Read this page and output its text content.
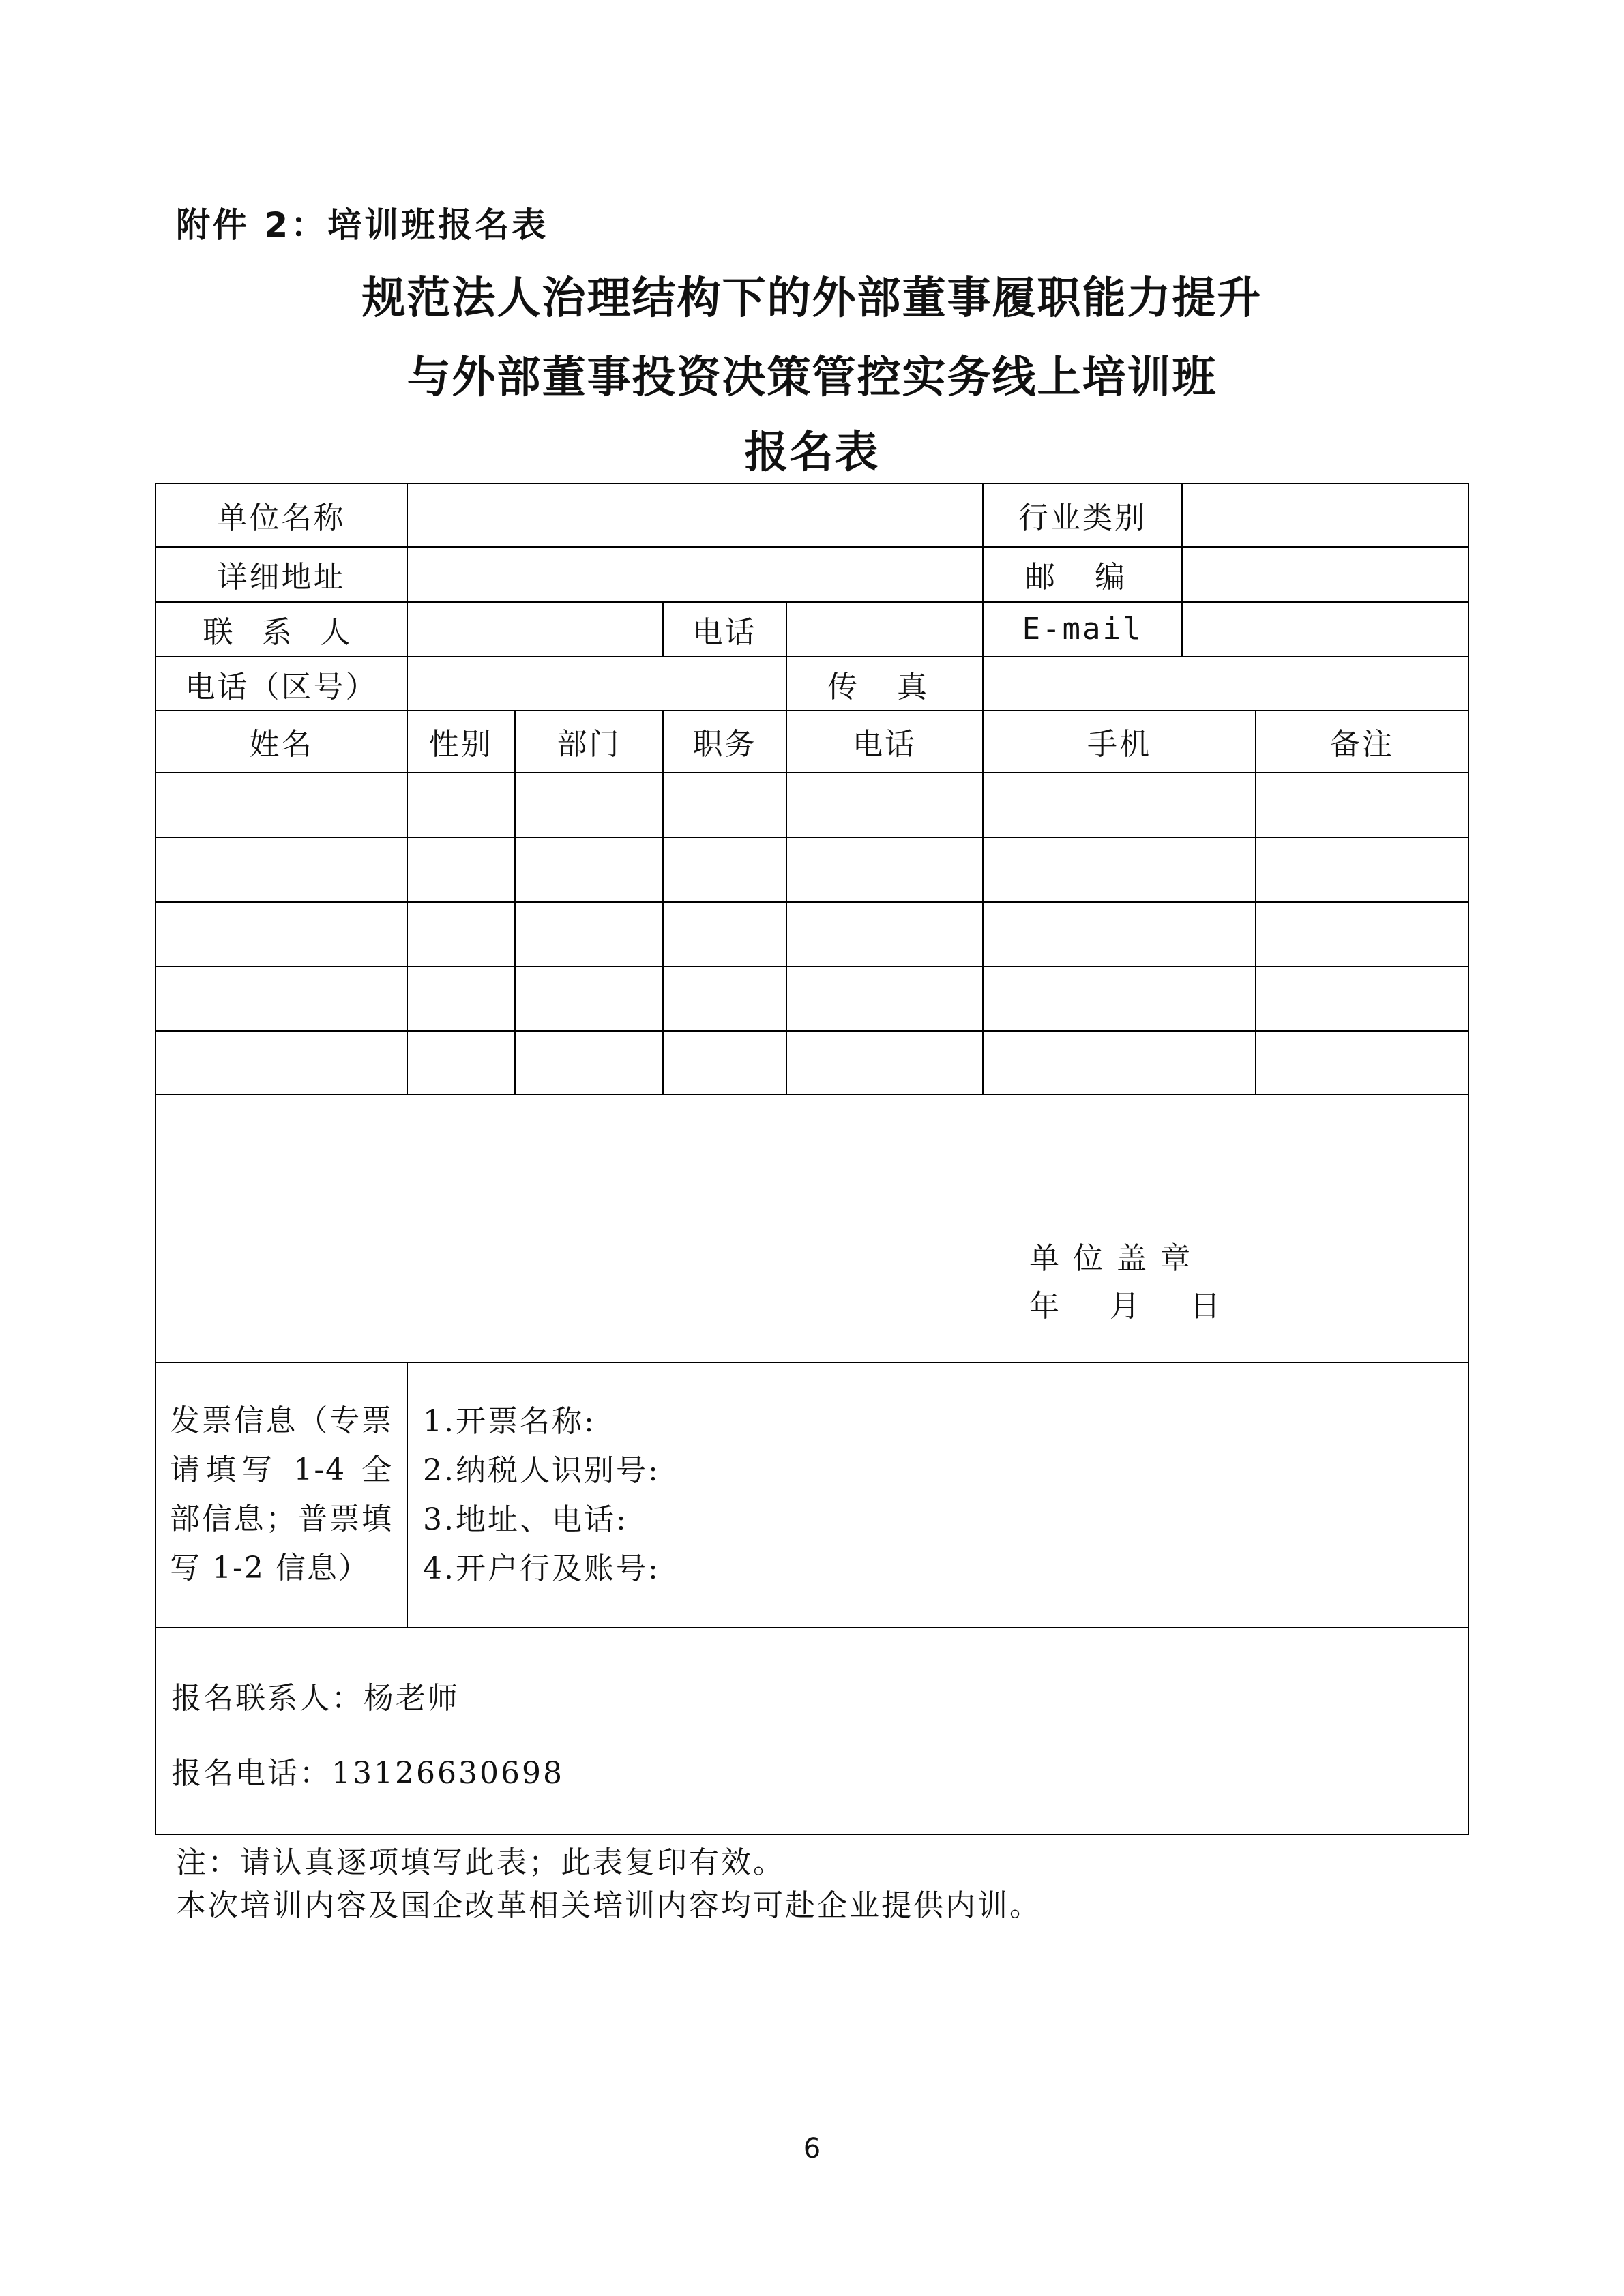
附件 2：培训班报名表
规范法人治理结构下的外部董事履职能力提升
与外部董事投资决策管控实务线上培训班
报名表
单位名称					行业类别		
详细地址					邮 编		
联 系 人			电话		E-mail		
电话（区号）				传 真			
姓名	性别	部门	职务	电话	手机		备注

单位盖章
年 月 日							

发票信息（专票请填写 1-4 全部信息；普票填写 1-2 信息）	1.开票名称:
2.纳税人识别号:
3.地址、电话:
4.开户行及账号:						

报名联系人：杨老师
报名电话：13126630698							
注：请认真逐项填写此表；此表复印有效。
本次培训内容及国企改革相关培训内容均可赴企业提供内训。
6
